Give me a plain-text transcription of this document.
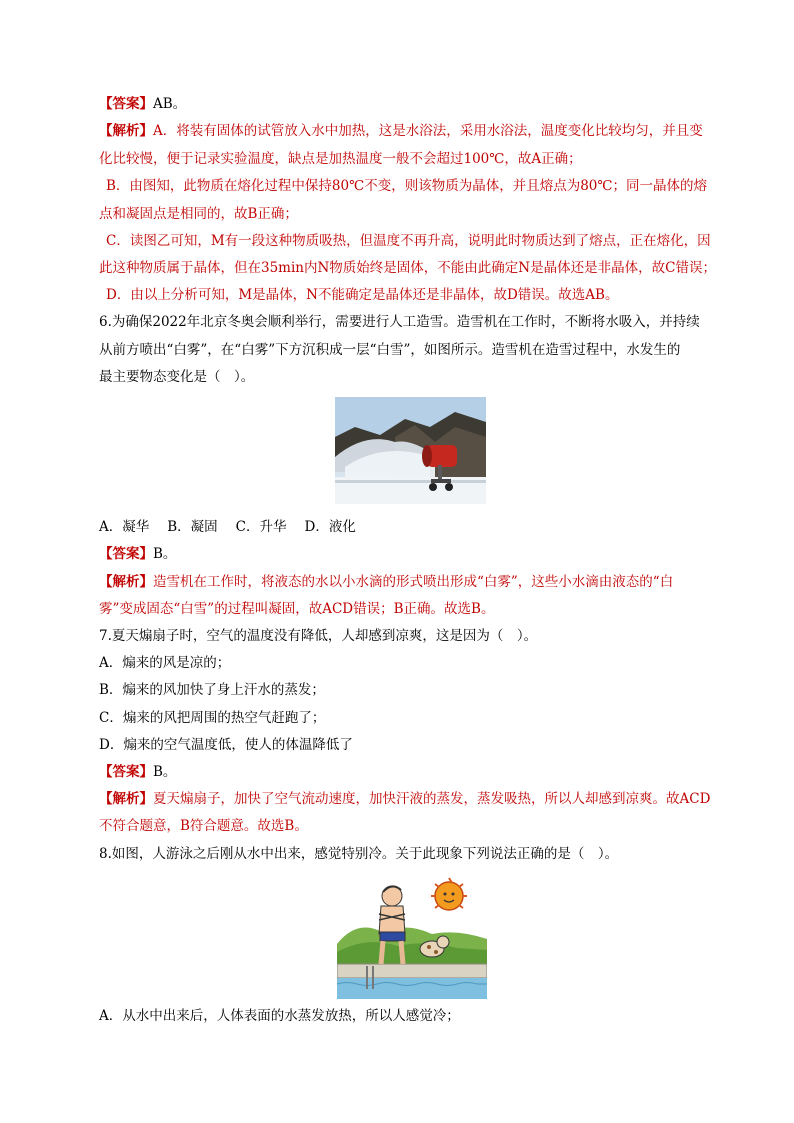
【答案】AB。
【解析】A．将装有固体的试管放入水中加热，这是水浴法，采用水浴法，温度变化比较均匀，并且变
化比较慢，便于记录实验温度，缺点是加热温度一般不会超过100℃，故A正确；
B．由图知，此物质在熔化过程中保持80℃不变，则该物质为晶体，并且熔点为80℃；同一晶体的熔
点和凝固点是相同的，故B正确；
C．读图乙可知，M有一段这种物质吸热，但温度不再升高，说明此时物质达到了熔点，正在熔化，因
此这种物质属于晶体，但在35min内N物质始终是固体，不能由此确定N是晶体还是非晶体，故C错误；
D．由以上分析可知，M是晶体，N不能确定是晶体还是非晶体，故D错误。故选AB。
6.为确保2022年北京冬奥会顺利举行，需要进行人工造雪。造雪机在工作时，不断将水吸入，并持续
从前方喷出“白雾”，在“白雾”下方沉积成一层“白雪”，如图所示。造雪机在造雪过程中，水发生的
最主要物态变化是（　）。
A．凝华 B．凝固 C．升华 D．液化
【答案】B。
【解析】造雪机在工作时，将液态的水以小水滴的形式喷出形成“白雾”，这些小水滴由液态的“白
雾”变成固态“白雪”的过程叫凝固，故ACD错误；B正确。故选B。
7.夏天煽扇子时，空气的温度没有降低，人却感到凉爽，这是因为（　）。
A．煽来的风是凉的；
B．煽来的风加快了身上汗水的蒸发；
C．煽来的风把周围的热空气赶跑了；
D．煽来的空气温度低，使人的体温降低了
【答案】B。
【解析】夏天煽扇子，加快了空气流动速度，加快汗液的蒸发，蒸发吸热，所以人却感到凉爽。故ACD
不符合题意，B符合题意。故选B。
8.如图，人游泳之后刚从水中出来，感觉特别冷。关于此现象下列说法正确的是（　）。
A．从水中出来后，人体表面的水蒸发放热，所以人感觉冷；
